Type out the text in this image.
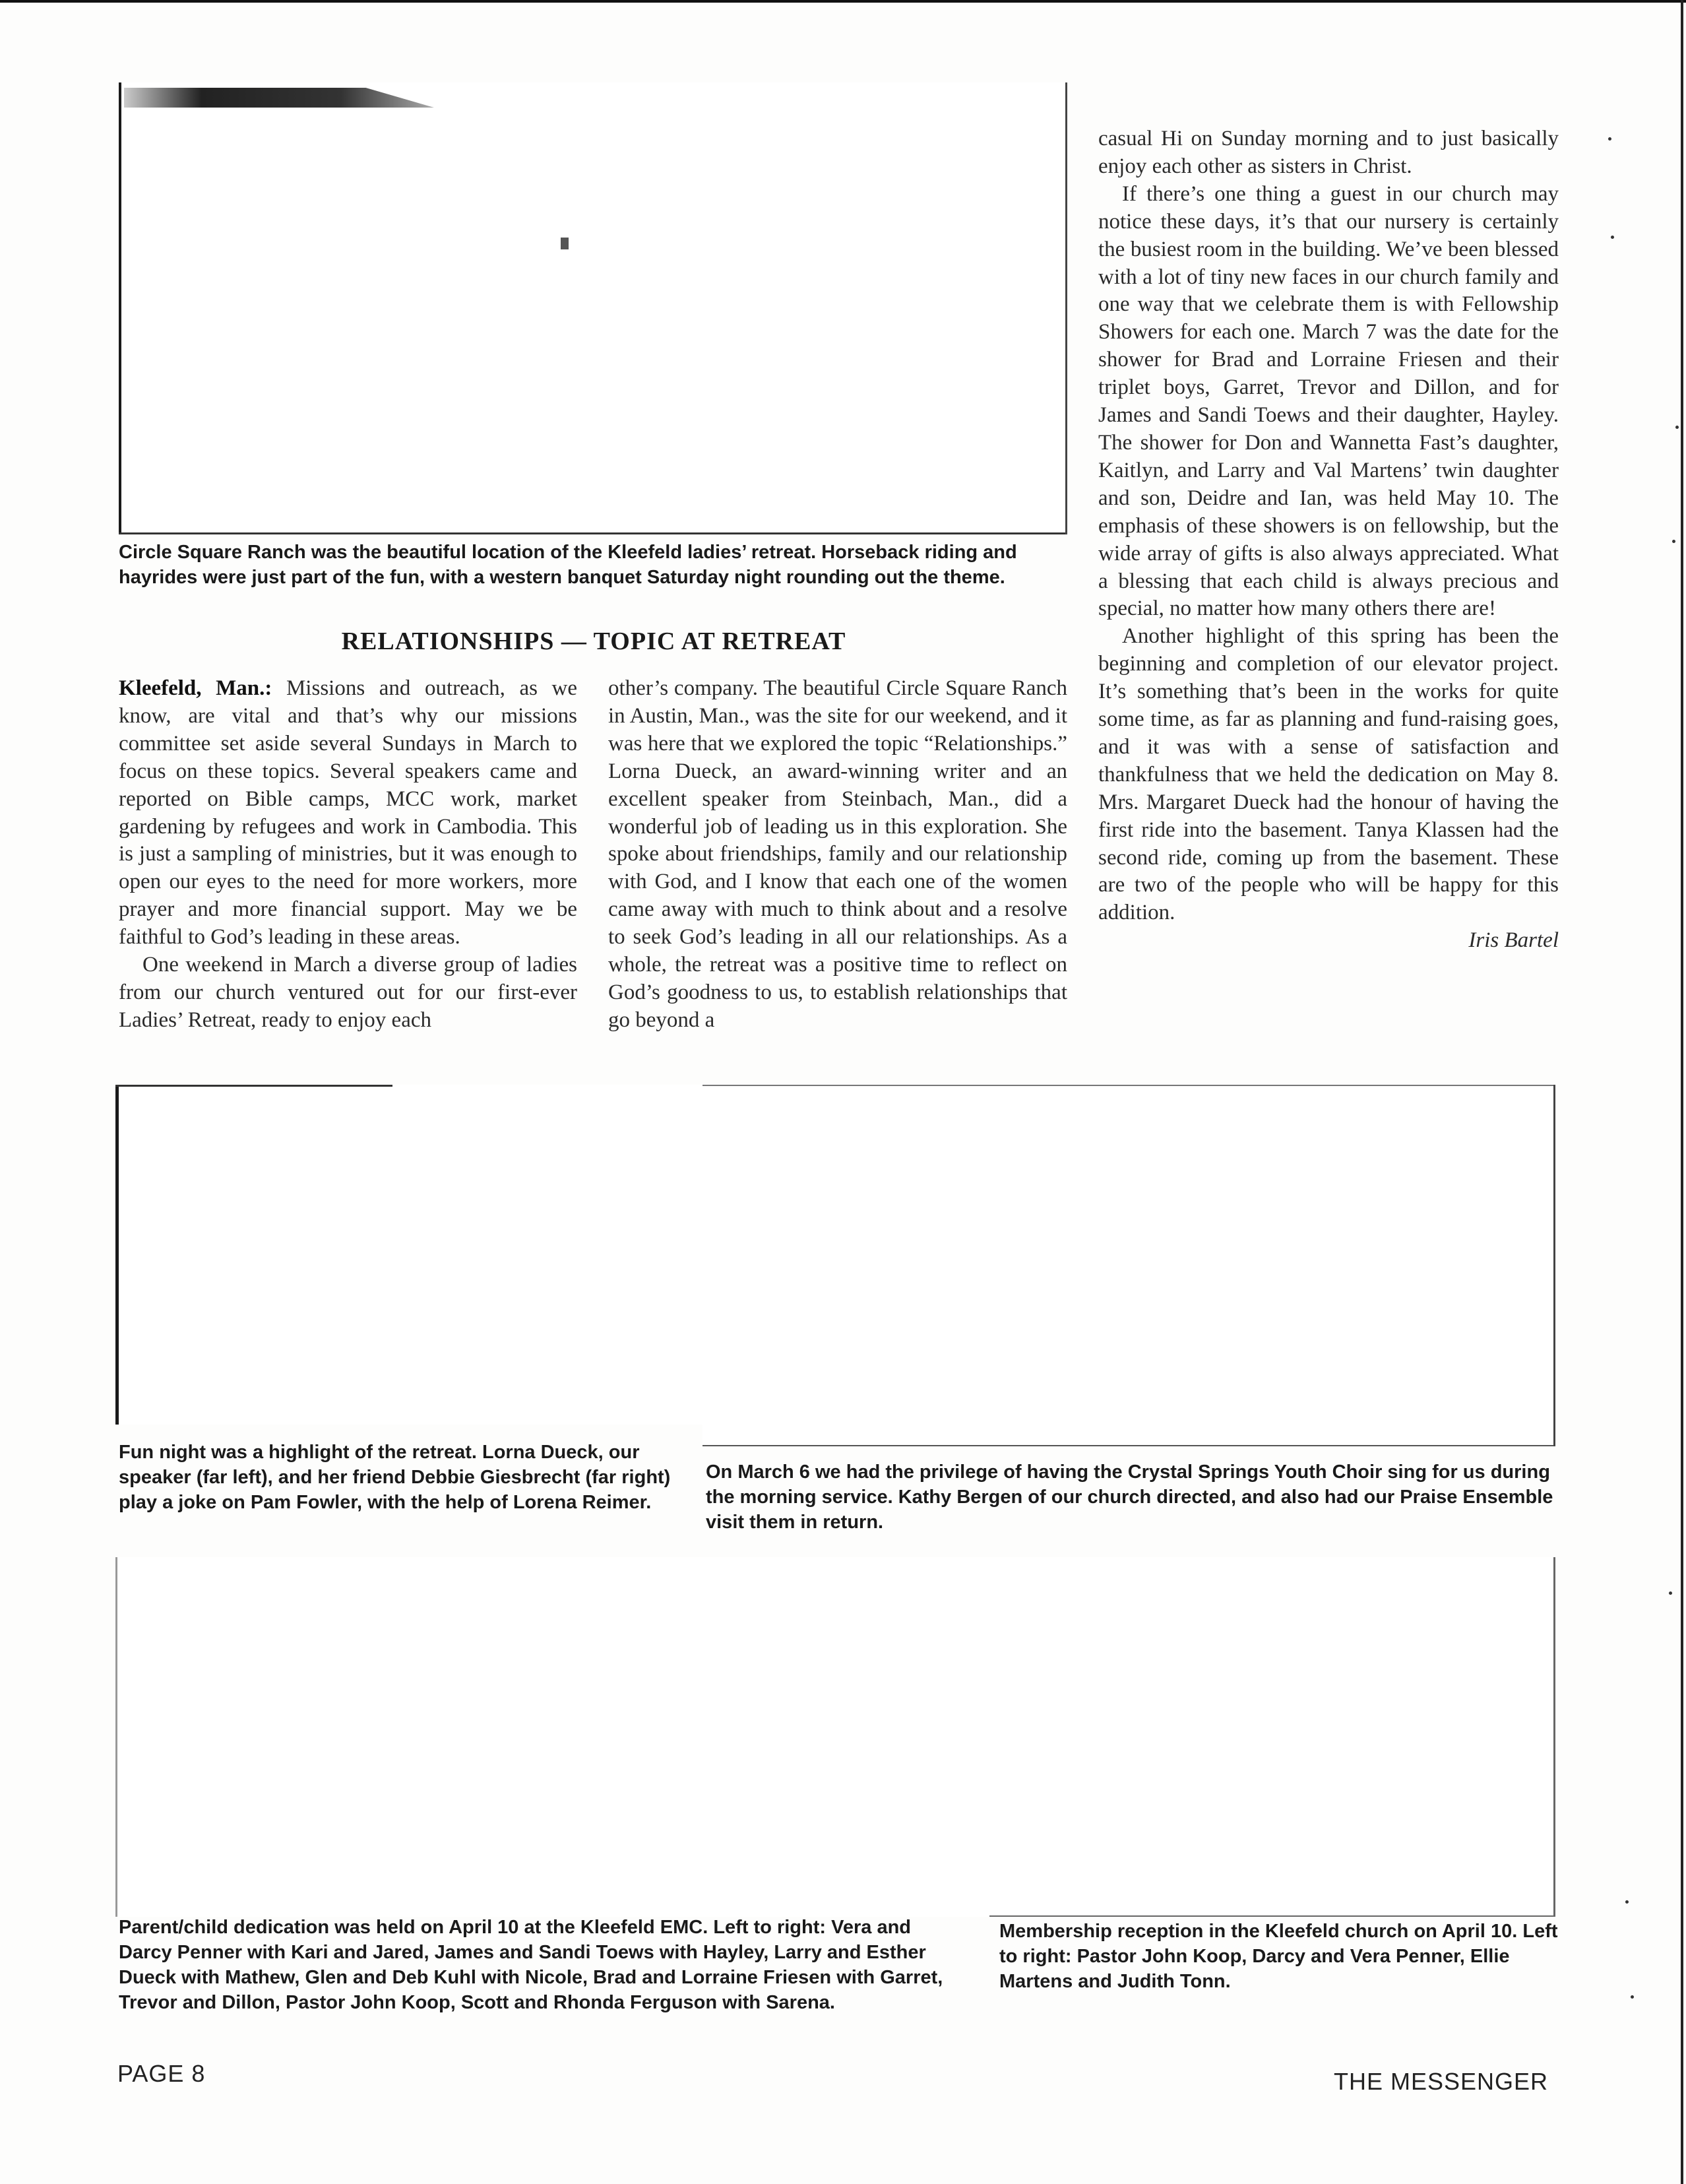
Circle Square Ranch was the beautiful location of the Kleefeld ladies’ retreat. Horseback riding and hayrides were just part of the fun, with a western banquet Saturday night rounding out the theme.

RELATIONSHIPS — TOPIC AT RETREAT

Kleefeld, Man.: Missions and outreach, as we know, are vital and that’s why our missions committee set aside several Sundays in March to focus on these topics. Several speakers came and reported on Bible camps, MCC work, market gardening by refugees and work in Cambodia. This is just a sampling of ministries, but it was enough to open our eyes to the need for more workers, more prayer and more financial support. May we be faithful to God’s leading in these areas.

One weekend in March a diverse group of ladies from our church ventured out for our first-ever Ladies’ Retreat, ready to enjoy each

other’s company. The beautiful Circle Square Ranch in Austin, Man., was the site for our weekend, and it was here that we explored the topic “Relationships.” Lorna Dueck, an award-winning writer and an excellent speaker from Steinbach, Man., did a wonderful job of leading us in this exploration. She spoke about friendships, family and our relationship with God, and I know that each one of the women came away with much to think about and a resolve to seek God’s leading in all our relationships. As a whole, the retreat was a positive time to reflect on God’s goodness to us, to establish relationships that go beyond a

casual Hi on Sunday morning and to just basically enjoy each other as sisters in Christ.

If there’s one thing a guest in our church may notice these days, it’s that our nursery is certainly the busiest room in the building. We’ve been blessed with a lot of tiny new faces in our church family and one way that we celebrate them is with Fellowship Showers for each one. March 7 was the date for the shower for Brad and Lorraine Friesen and their triplet boys, Garret, Trevor and Dillon, and for James and Sandi Toews and their daughter, Hayley. The shower for Don and Wannetta Fast’s daughter, Kaitlyn, and Larry and Val Martens’ twin daughter and son, Deidre and Ian, was held May 10. The emphasis of these showers is on fellowship, but the wide array of gifts is also always appreciated. What a blessing that each child is always precious and special, no matter how many others there are!

Another highlight of this spring has been the beginning and completion of our elevator project. It’s something that’s been in the works for quite some time, as far as planning and fund-raising goes, and it was with a sense of satisfaction and thankfulness that we held the dedication on May 8. Mrs. Margaret Dueck had the honour of having the first ride into the basement. Tanya Klassen had the second ride, coming up from the basement. These are two of the people who will be happy for this addition.

Iris Bartel

Fun night was a highlight of the retreat. Lorna Dueck, our speaker (far left), and her friend Debbie Giesbrecht (far right) play a joke on Pam Fowler, with the help of Lorena Reimer.

On March 6 we had the privilege of having the Crystal Springs Youth Choir sing for us during the morning service. Kathy Bergen of our church directed, and also had our Praise Ensemble visit them in return.

Parent/child dedication was held on April 10 at the Kleefeld EMC. Left to right: Vera and Darcy Penner with Kari and Jared, James and Sandi Toews with Hayley, Larry and Esther Dueck with Mathew, Glen and Deb Kuhl with Nicole, Brad and Lorraine Friesen with Garret, Trevor and Dillon, Pastor John Koop, Scott and Rhonda Ferguson with Sarena.

Membership reception in the Kleefeld church on April 10. Left to right: Pastor John Koop, Darcy and Vera Penner, Ellie Martens and Judith Tonn.

PAGE 8	THE MESSENGER
